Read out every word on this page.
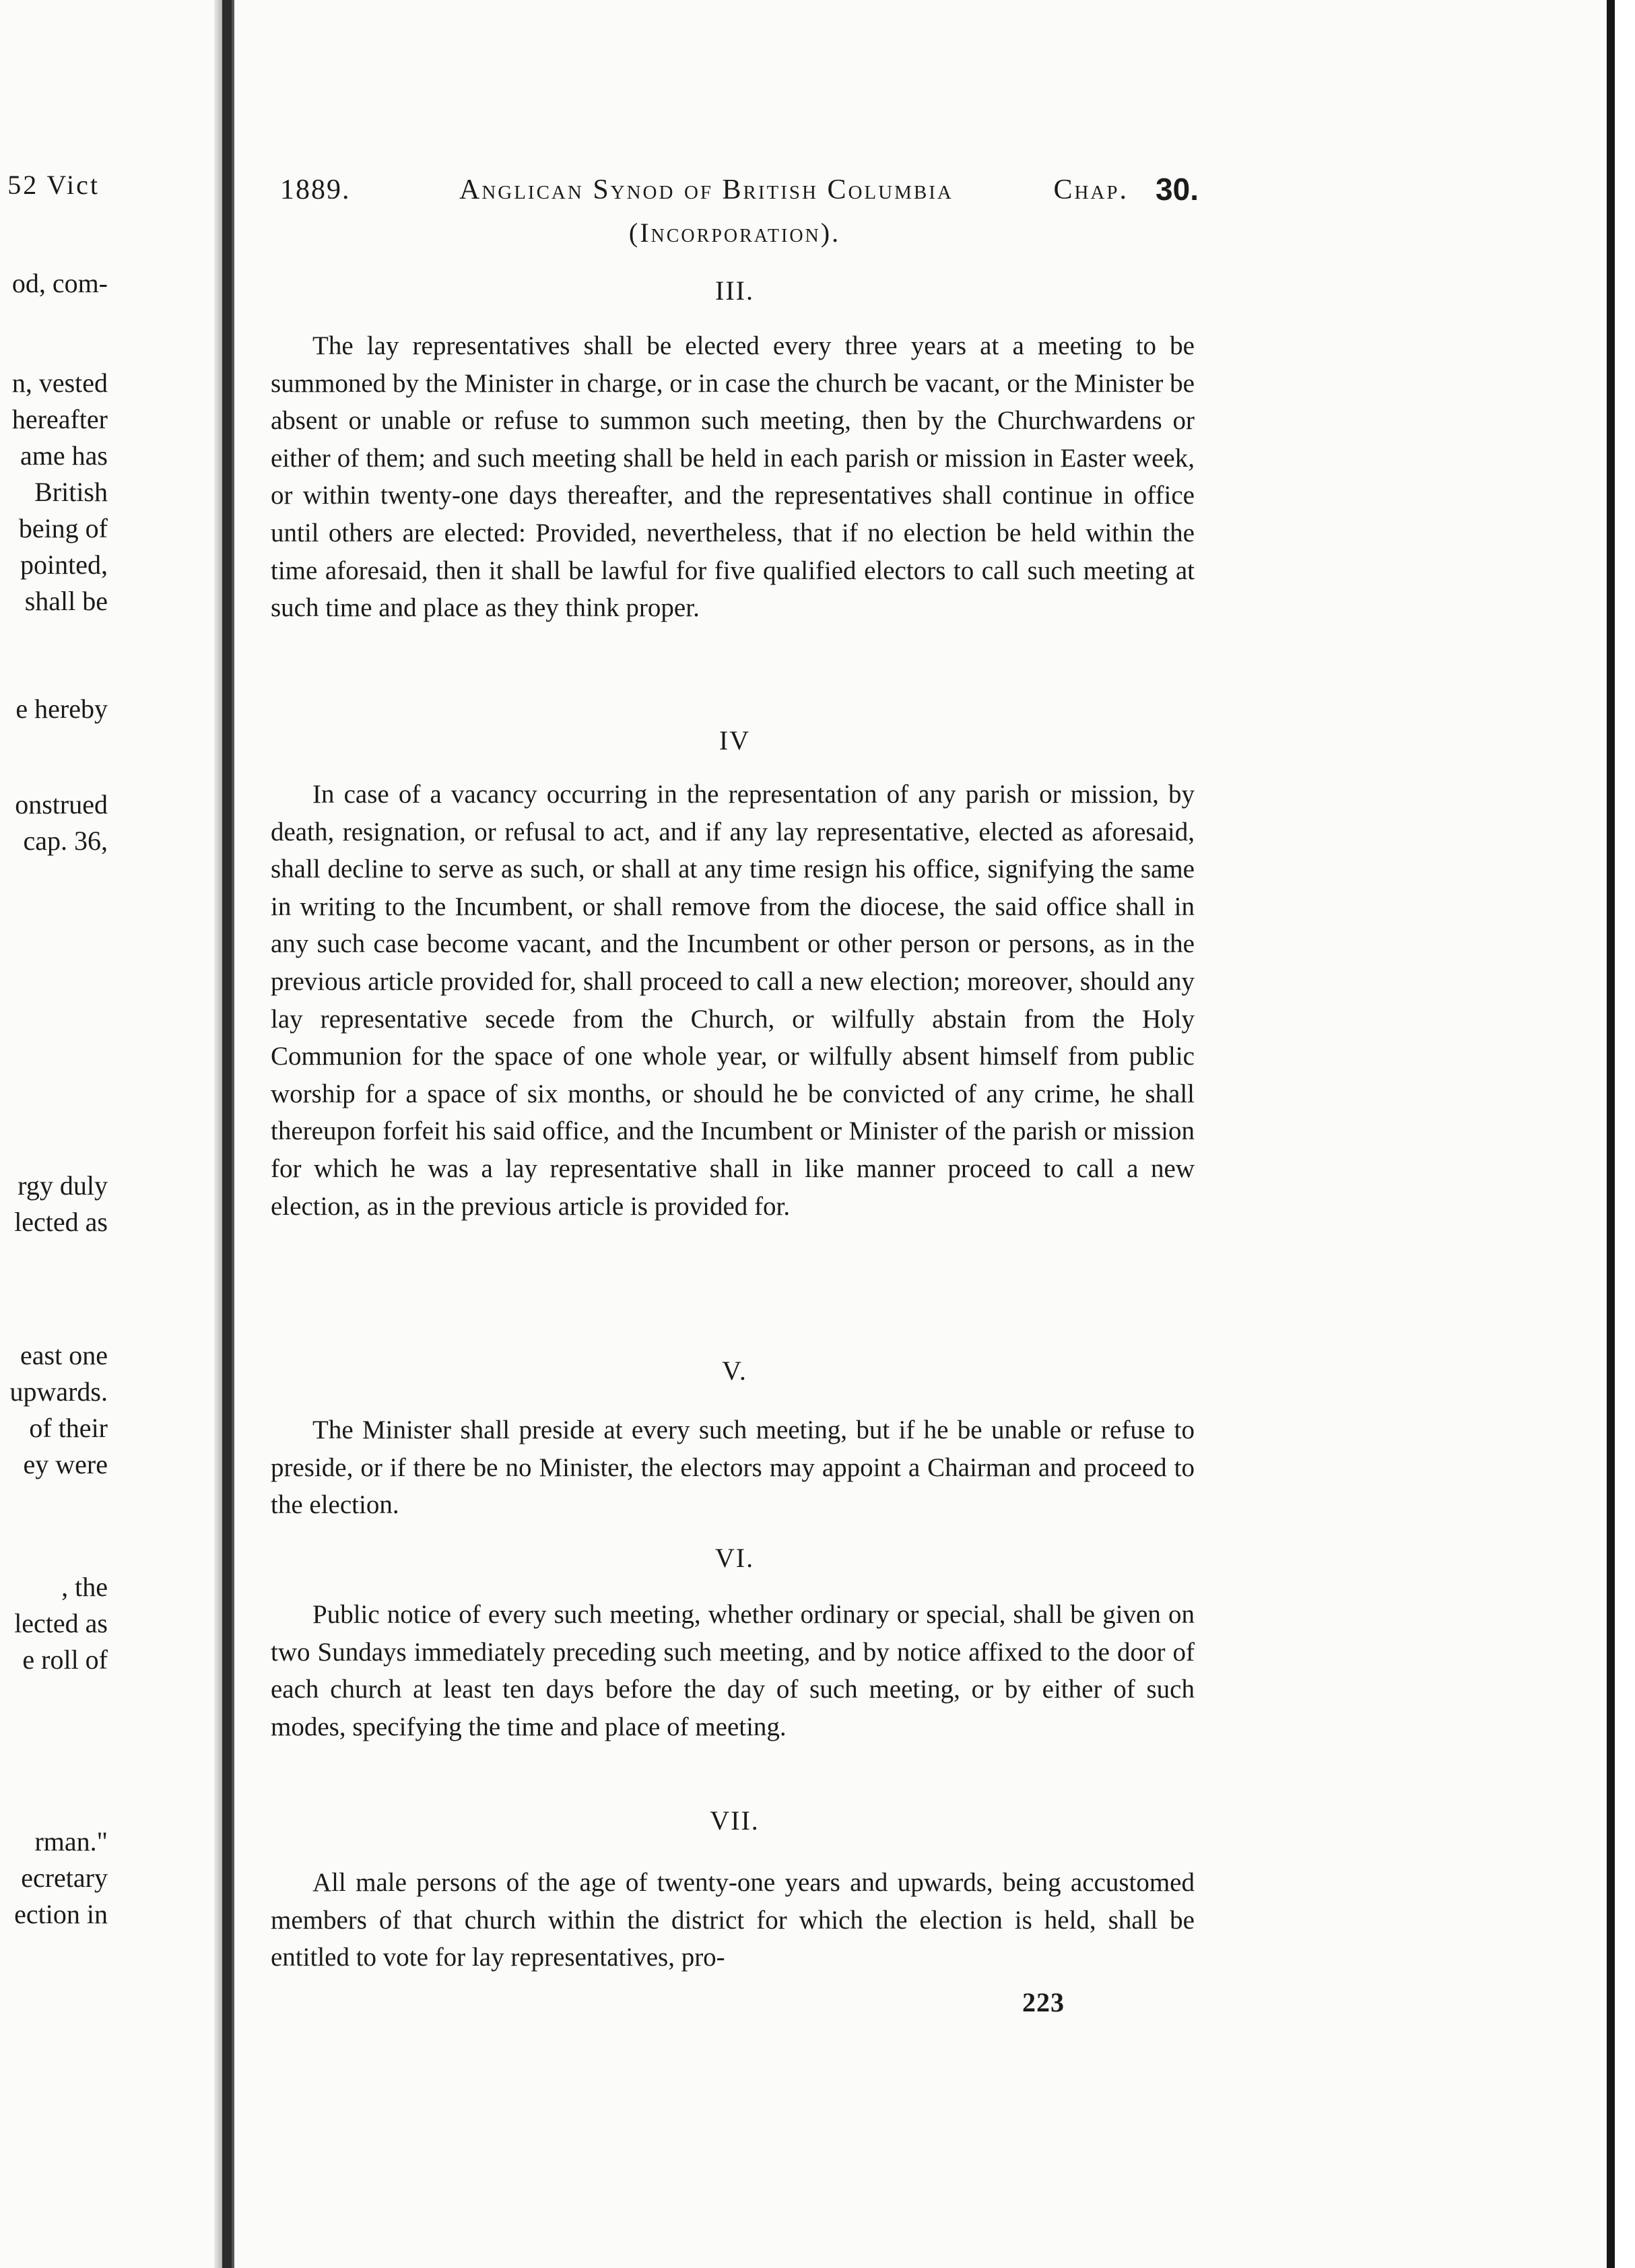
52 Vict
od, com-
n, vested
hereafter
ame has
British
being of
pointed,
shall be
e hereby
onstrued
cap. 36,
rgy duly
lected as
east one
upwards.
of their
ey were
, the
lected as
e roll of
rman."
ecretary
ection in
1889.	Anglican Synod of British Columbia	Chap. 30.
(Incorporation).
III.
The lay representatives shall be elected every three years at a meeting to be summoned by the Minister in charge, or in case the church be vacant, or the Minister be absent or unable or refuse to summon such meeting, then by the Churchwardens or either of them; and such meeting shall be held in each parish or mission in Easter week, or within twenty-one days thereafter, and the representatives shall continue in office until others are elected: Provided, nevertheless, that if no election be held within the time aforesaid, then it shall be lawful for five qualified electors to call such meeting at such time and place as they think proper.
IV
In case of a vacancy occurring in the representation of any parish or mission, by death, resignation, or refusal to act, and if any lay representative, elected as aforesaid, shall decline to serve as such, or shall at any time resign his office, signifying the same in writing to the Incumbent, or shall remove from the diocese, the said office shall in any such case become vacant, and the Incumbent or other person or persons, as in the previous article provided for, shall proceed to call a new election; moreover, should any lay representative secede from the Church, or wilfully abstain from the Holy Communion for the space of one whole year, or wilfully absent himself from public worship for a space of six months, or should he be convicted of any crime, he shall thereupon forfeit his said office, and the Incumbent or Minister of the parish or mission for which he was a lay representative shall in like manner proceed to call a new election, as in the previous article is provided for.
V.
The Minister shall preside at every such meeting, but if he be unable or refuse to preside, or if there be no Minister, the electors may appoint a Chairman and proceed to the election.
VI.
Public notice of every such meeting, whether ordinary or special, shall be given on two Sundays immediately preceding such meeting, and by notice affixed to the door of each church at least ten days before the day of such meeting, or by either of such modes, specifying the time and place of meeting.
VII.
All male persons of the age of twenty-one years and upwards, being accustomed members of that church within the district for which the election is held, shall be entitled to vote for lay representatives, pro-
223
